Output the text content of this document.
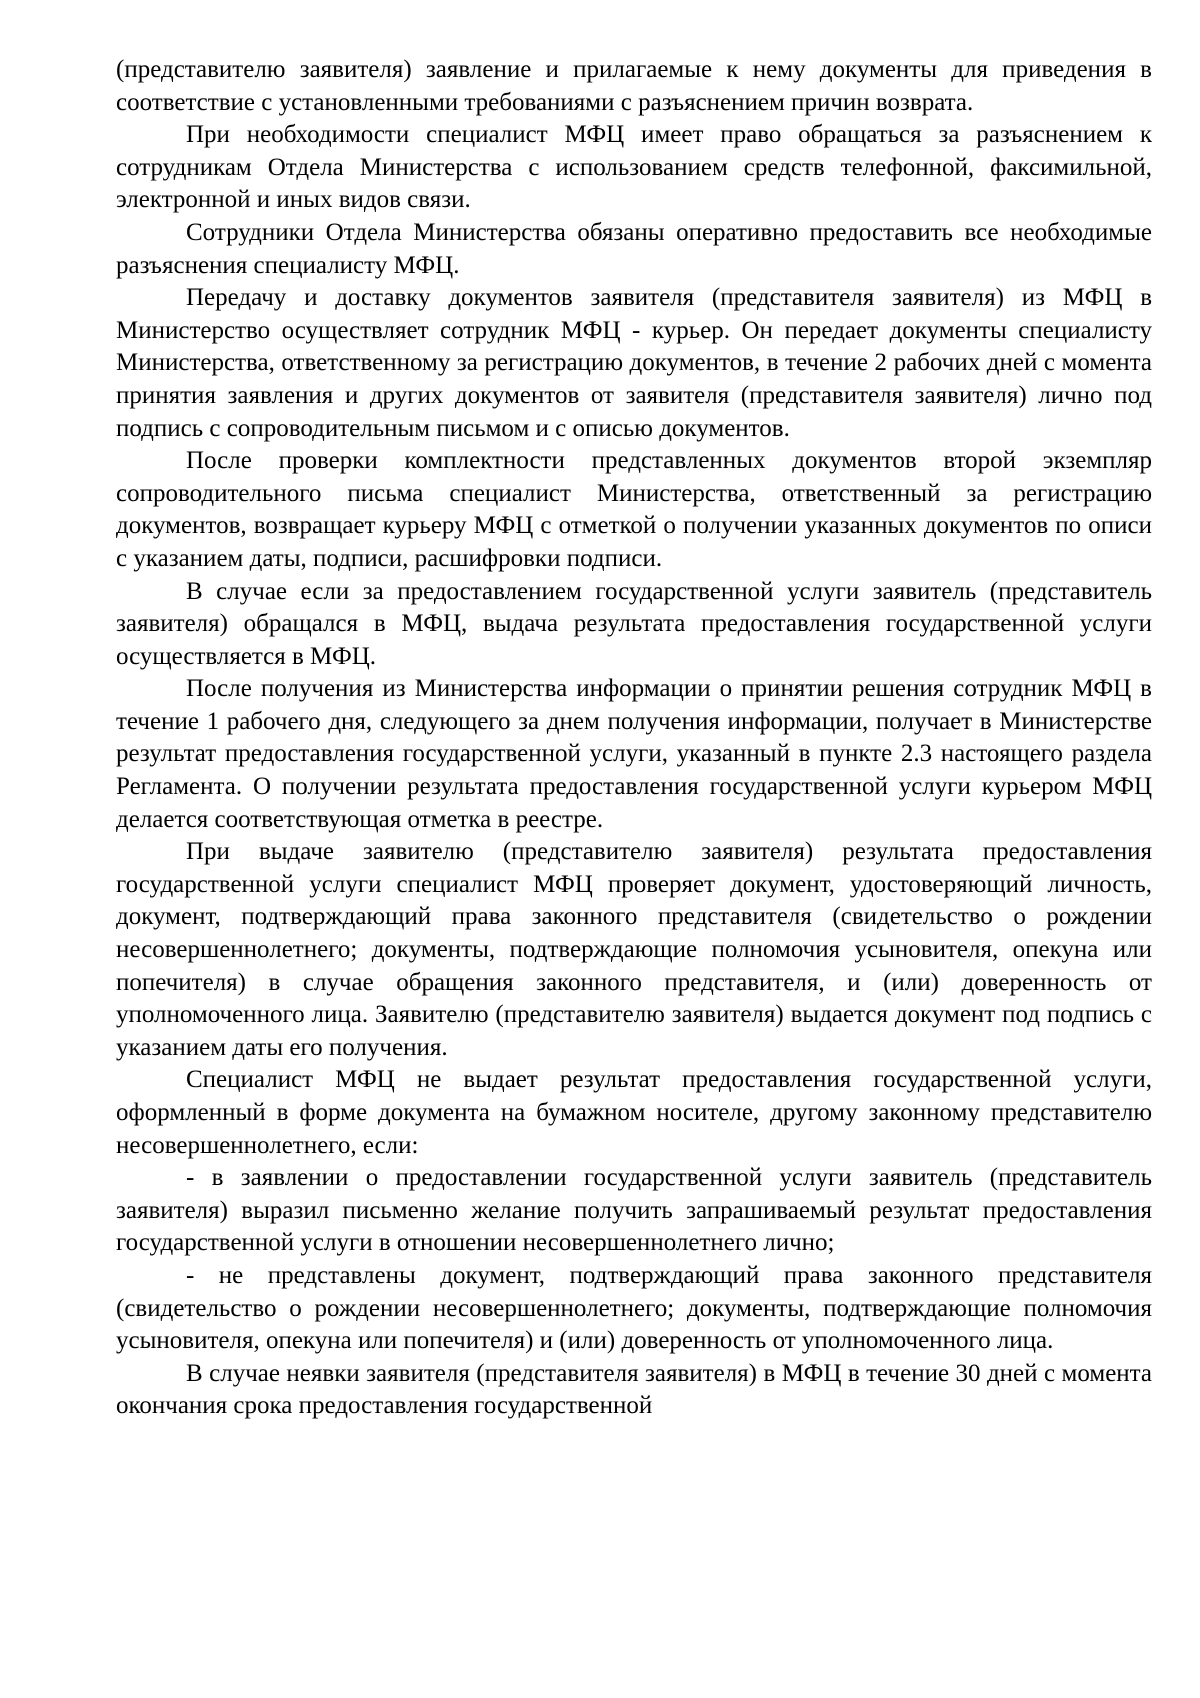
(представителю заявителя) заявление и прилагаемые к нему документы для приведения в соответствие с установленными требованиями с разъяснением причин возврата.

При необходимости специалист МФЦ имеет право обращаться за разъяснением к сотрудникам Отдела Министерства с использованием средств телефонной, факсимильной, электронной и иных видов связи.

Сотрудники Отдела Министерства обязаны оперативно предоставить все необходимые разъяснения специалисту МФЦ.

Передачу и доставку документов заявителя (представителя заявителя) из МФЦ в Министерство осуществляет сотрудник МФЦ - курьер. Он передает документы специалисту Министерства, ответственному за регистрацию документов, в течение 2 рабочих дней с момента принятия заявления и других документов от заявителя (представителя заявителя) лично под подпись с сопроводительным письмом и с описью документов.

После проверки комплектности представленных документов второй экземпляр сопроводительного письма специалист Министерства, ответственный за регистрацию документов, возвращает курьеру МФЦ с отметкой о получении указанных документов по описи с указанием даты, подписи, расшифровки подписи.

В случае если за предоставлением государственной услуги заявитель (представитель заявителя) обращался в МФЦ, выдача результата предоставления государственной услуги осуществляется в МФЦ.

После получения из Министерства информации о принятии решения сотрудник МФЦ в течение 1 рабочего дня, следующего за днем получения информации, получает в Министерстве результат предоставления государственной услуги, указанный в пункте 2.3 настоящего раздела Регламента. О получении результата предоставления государственной услуги курьером МФЦ делается соответствующая отметка в реестре.

При выдаче заявителю (представителю заявителя) результата предоставления государственной услуги специалист МФЦ проверяет документ, удостоверяющий личность, документ, подтверждающий права законного представителя (свидетельство о рождении несовершеннолетнего; документы, подтверждающие полномочия усыновителя, опекуна или попечителя) в случае обращения законного представителя, и (или) доверенность от уполномоченного лица. Заявителю (представителю заявителя) выдается документ под подпись с указанием даты его получения.

Специалист МФЦ не выдает результат предоставления государственной услуги, оформленный в форме документа на бумажном носителе, другому законному представителю несовершеннолетнего, если:

- в заявлении о предоставлении государственной услуги заявитель (представитель заявителя) выразил письменно желание получить запрашиваемый результат предоставления государственной услуги в отношении несовершеннолетнего лично;

- не представлены документ, подтверждающий права законного представителя (свидетельство о рождении несовершеннолетнего; документы, подтверждающие полномочия усыновителя, опекуна или попечителя) и (или) доверенность от уполномоченного лица.

В случае неявки заявителя (представителя заявителя) в МФЦ в течение 30 дней с момента окончания срока предоставления государственной
